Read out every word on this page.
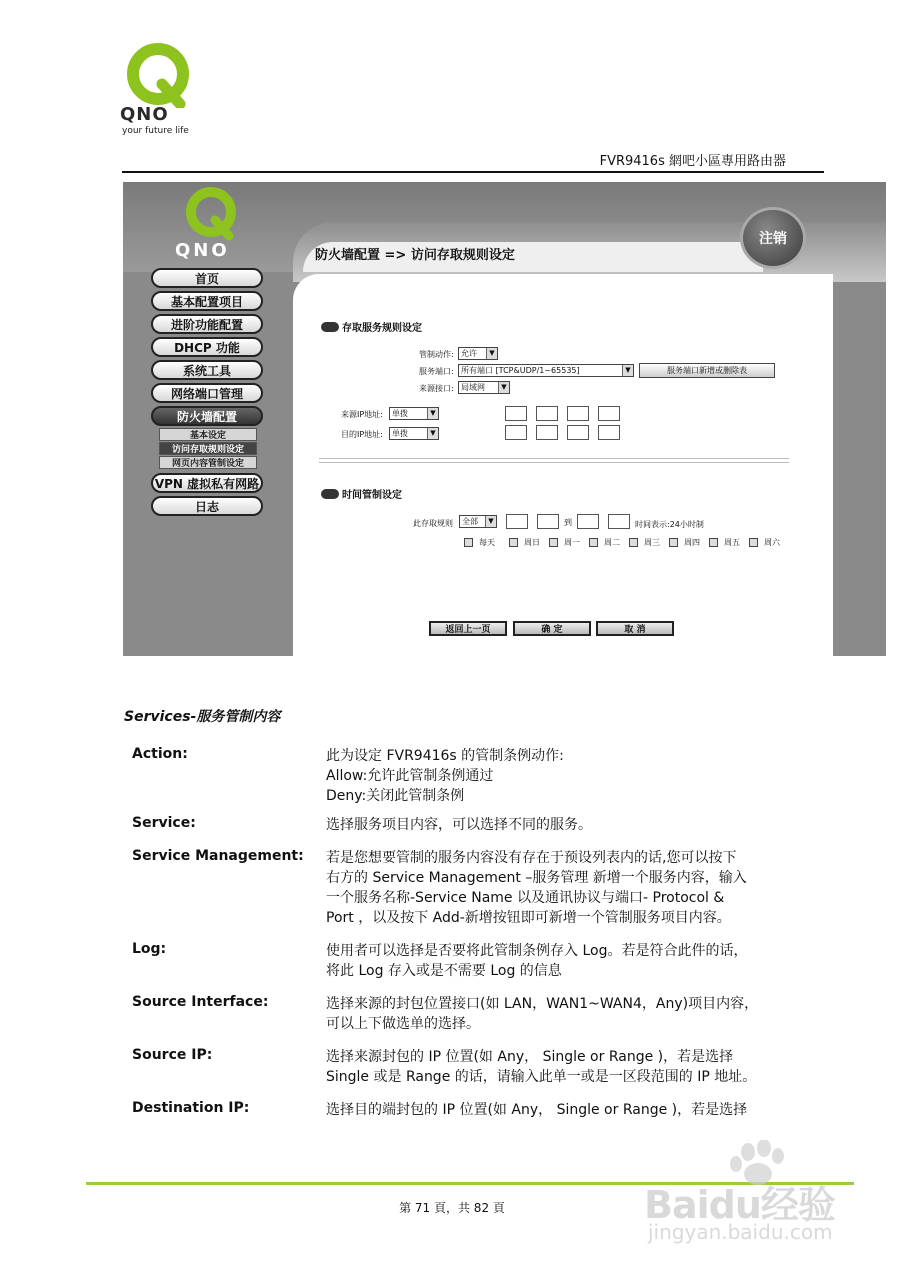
QNO
your future life
FVR9416s 網吧小區專用路由器
QNO
注销
防火墙配置 => 访问存取规则设定
首页
基本配置项目
进阶功能配置
DHCP 功能
系统工具
网络端口管理
防火墙配置
基本设定
访问存取规则设定
网页内容管制设定
VPN 虚拟私有网路
日志
存取服务规则设定
管制动作: 允许	▼
服务端口: 所有端口 [TCP&UDP/1~65535]	▼	服务端口新增或删除表
来源接口: 局域网	▼
来源IP地址:	单拨	▼
目的IP地址:	单拨	▼
时间管制设定
此存取规则	全部	▼	到	时间表示:24小时制
每天	周日	周一	周二	周三	周四	周五	周六
返回上一页	确 定	取 消
Services-服务管制内容
Action:	此为设定 FVR9416s 的管制条例动作:
Allow:允许此管制条例通过
Deny:关闭此管制条例
Service:	选择服务项目内容，可以选择不同的服务。
Service Management: 若是您想要管制的服务内容没有存在于预设列表内的话,您可以按下
右方的 Service Management –服务管理 新增一个服务内容，输入
一个服务名称-Service Name 以及通讯协议与端口- Protocol &
Port ，以及按下 Add-新增按钮即可新增一个管制服务项目内容。
Log:	使用者可以选择是否要将此管制条例存入 Log。若是符合此件的话，
将此 Log 存入或是不需要 Log 的信息
Source Interface:	选择来源的封包位置接口(如 LAN，WAN1~WAN4，Any)项目内容，
可以上下做选单的选择。
Source IP:	选择来源封包的 IP 位置(如 Any， Single or Range )，若是选择
Single 或是 Range 的话，请输入此单一或是一区段范围的 IP 地址。
Destination IP:	选择目的端封包的 IP 位置(如 Any， Single or Range )，若是选择
第 71 頁，共 82 頁	Baidu经验
jingyan.baidu.com
